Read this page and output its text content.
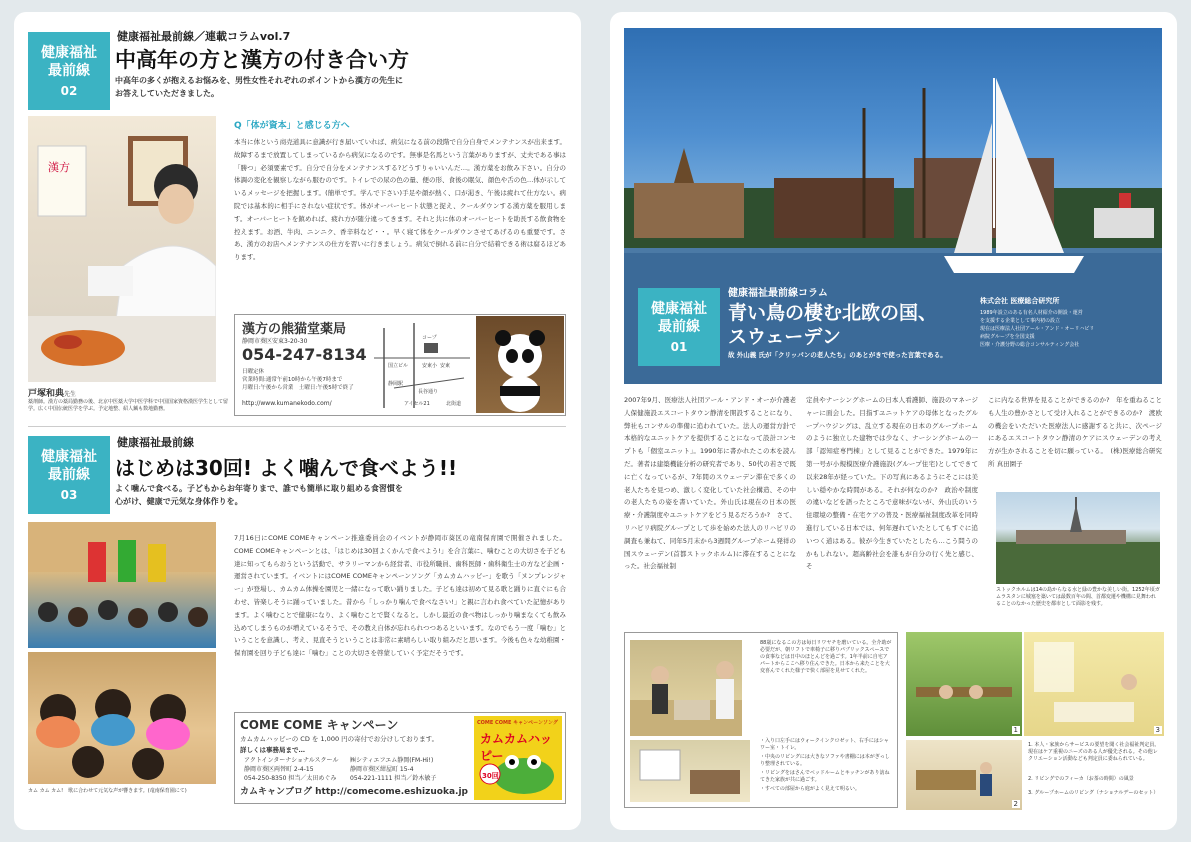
健康福祉
最前線
02
健康福祉最前線／連載コラムvol.7
中高年の方と漢方の付き合い方
中高年の多くが抱えるお悩みを、男性女性それぞれのポイントから漢方の先生に
お答えしていただきました。
漢方
戸塚和典先生
薬剤師。漢方の薬局勤務の後、北京中医薬大学中医学科で中国国家資格漢医学生として留学。広く中国伝統医学を学ぶ。予定地整、紹人鍼も数地勤務。
Q「体が資本」と感じる方へ
本当に体という商売道具に意識が行き届いていれば、病気になる前の段階で自分自身でメンテナンスが出来ます。故障するまで放置してしまっているから病気になるのです。無事是名馬という言葉がありますが、丈夫である事は「勝つ」必須要素です。自分で自分をメンテナンスする?どうすりゃいいんだ…。漢方薬をお飲み下さい。自分の体調の変化を観察しながら服むのです。トイレでの尿の色の量、便の形、食後の眠気、顔色や舌の色…体が示しているメッセージを把握します。(簡単です。学んで下さい)手足や顔が熱く、口が渇き、午後は疲れて仕方ない。病院では基本的に相手にされない症状です。体がオーバーヒート状態と捉え、クールダウンする漢方薬を服用します。オーバーヒートを鎮めれば、疲れ方が随分違ってきます。それと共に体のオーバーヒートを助長する飲食物を控えます。お酒、牛肉、ニンニク、香辛料など・・。早く寝て体をクールダウンさせてあげるのも重要です。さあ、漢方のお店へメンテナンスの仕方を習いに行きましょう。病気で倒れる前に自分で結着できる術は腐るほどあります。
漢方の熊猫堂薬局
静岡市葵区安東3-20-30
054-247-8134
日曜定休
営業時間:通常午前10時から午後7時まで
月曜日:午後から営業　土曜日:午後5時で終了
http://www.kumanekodo.com/
コープ
安東
静岡駅
長谷通り
アイセル21	北街道
国立ビル	安東小
健康福祉
最前線
03
健康福祉最前線
はじめは30回! よく噛んで食べよう!!
よく噛んで食べる。子どもからお年寄りまで、誰でも簡単に取り組める食習慣を
心がけ、健康で元気な身体作りを。
カム カム カム!　歌に合わせて元気な声が響きます。(竜南保育園にて)
7月16日にCOME COMEキャンペーン推進委員会のイベントが静岡市葵区の竜南保育園で開催されました。COME COMEキャンペーンとは、「はじめは30回よくかんで食べよう!」を合言葉に、噛むことの大切さを子ども達に知ってもらおうという活動で、サラリーマンから経営者、市役所職員、歯科医師・歯科衛生士の方など企画・運営されています。イベントにはCOME COMEキャンペーンソング「カムカムハッピー」を歌う「ヌンプレンジャー」が登場し、カムカム体操を園児と一緒になって歌い踊りました。子ども達は初めて見る歌と踊りに直ぐにも合わせ、皆楽しそうに踊っていました。昔から「しっかり噛んで食べなさい!」と親に言われ食べていた記憶があります。よく噛むことで健康になり、よく噛むことで賢くなると。しかし最近の食べ物はしっかり噛まなくても飲み込めてしまうものが増えているそうで、その教え自体が忘れられつつあるといいます。なのでもう一度「噛む」ということを意識し、考え、見直そうということは非常に素晴らしい取り組みだと思います。今後も色々な幼稚園・保育園を回り子ども達に「噛む」ことの大切さを啓蒙していく予定だそうです。
COME COME キャンペーン
カムカムハッピーの CD を 1,000 円の寄付でお分けしております。
詳しくは事務局まで…
アクトインターナショナルスクール
静岡市葵区両替町 2-4-15
054-250-8350 担当／太田めぐみ
㈱シティエフエム静岡(FM-Hi!)
静岡市葵区紺屋町 15-4
054-221-1111 担当／鈴木敏子
カムキャンブログ http://comecome.eshizuoka.jp
COME COME キャンペーンソング
カムカムハッピー
30回
健康福祉
最前線
01
健康福祉最前線コラム
青い鳥の棲む北欧の国、
スウェーデン
故 外山義 氏が「クリッパンの老人たち」のあとがきで使った言葉である。
株式会社 医療総合研究所
1989年設立のある有名人材紹介の開設・運営
を支援する企業として事内初の設立
現在は医療法人社団アール・アンド・オーリハビリ
病院グループを全国支援
医療・介護分野の総合コンサルティング会社
2007年9月、医療法人社団アール・アンド・オーが介護老人保健施設エスコートタウン静清を開設することになり、弊社もコンサルの準備に追われていた。法人の運営方針で本格的なユニットケアを提供することになって設計コンセプトも「個室ユニット」。1990年に書かれたこの本を読んだ。著者は建築機能分析の研究者であり、50代の若さで既に亡くなっているが、7年間のスウェーデン滞在で多くの老人たちを見つめ、激しく変化していた社会構造、その中の老人たちの姿を書いていた。外山氏は現在の日本の医療・介護制度やユニットケアをどう見るだろうか?　さて、リハビリ病院グループとして歩を始めた法人のリハビリの調査も兼ねて、同年5月末から3週間グループホーム発祥の国スウェーデン(首都ストックホルム)に滞在することになった。社会福祉制
定員やナーシングホームの日本人看護師、施設のマネージャーに面会した。目指すユニットケアの母体となったグループハウジングは、乱立する現在の日本のグループホームのように独立した建物では少なく、ナーシングホームの一部「認知症専門棟」として見ることができた。1979年に第一号が小規模医療介護施設(グループ住宅)としてできて以来28年が経っていた。下の写真にあるようにそこには美しい穏やかな時間がある。それが何なのか?　政治や制度の違いなどを語ったところで意味がないが、外山氏のいう住環境の整備・在宅ケアの普及・医療福祉制度改革を同時進行している日本では、何年遅れていたとしてもすぐに追いつく道はある。彼が今生きていたとしたら…こう問うのかもしれない。超高齢社会を誰もが自分の行く先と感じ、そ
こに内なる世界を見ることができるのか?　年を重ねることも人生の豊かさとして受け入れることができるのか?　渡欧の機会をいただいた医療法人に感謝すると共に、次ページにあるエスコートタウン静清のケアにスウェーデンの考え方が生かされることを切に願っている。　(株)医療総合研究所 真田園子
ストックホルムは14の島からなる水と緑の豊かな美しい街。1252年頃ガムラスタンに城塞を築いては最数百年の間、首都変遷や機構に見舞われることのなかった歴史を都市として面影を残す。
88歳になるこの方は毎日リワヤチを磨いている。全介助が必要だが、朝リフトで車椅子に移りパブリックスペースでの食事などは日中のほとんどを過ごす。1年半前に自宅アパートからここへ移り住んできた。日本から来たことを大変喜んでくれた様子で快く部屋を見せてくれた。
・入り口左手にはウォークインクロゼット、右手にはシャワー室・トイレ。
・中央のリビングには大きなソファや書棚には本がぎっしり整理されている。
・リビングをはさんでベッドルームとキッチンがあり訪ねてきた家族が共に過ごす。
・すべての部屋から庭がよく見えて明るい。
1	3
2
1. 本人・家族からサービスの要望を聞く社会福祉判定員。現在はケア重視のニーズのある人が優先される。その他レクリエーション活動なども判定員に委ねられている。
2. リビングでのフィーカ（お茶の時間）の風景
3. グループホームのリビング（ナショナルデーのセット）
